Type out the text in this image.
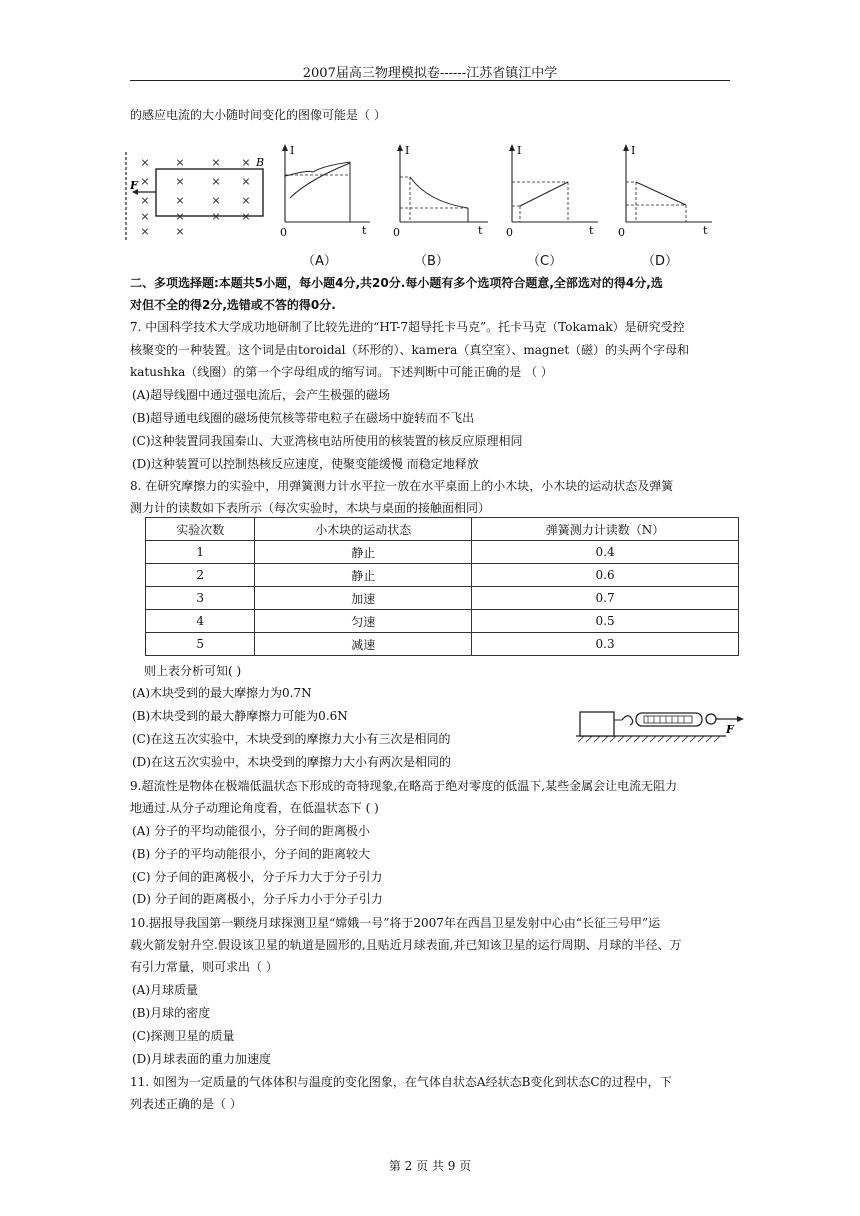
2007届高三物理模拟卷------江苏省镇江中学
的感应电流的大小随时间变化的图像可能是（ ）
× × × ×
× × × ×
× × × ×
× × × ×
× ×
B
F
I	I	I	I
0	t 0	t 0	t 0	t
（A）	（B）	（C）	（D）
二、多项选择题:本题共5小题，每小题4分,共20分.每小题有多个选项符合题意,全部选对的得4分,选
对但不全的得2分,选错或不答的得0分.
7. 中国科学技术大学成功地研制了比较先进的“HT-7超导托卡马克”。托卡马克（Tokamak）是研究受控
核聚变的一种装置。这个词是由toroidal（环形的）、kamera（真空室）、magnet（磁）的头两个字母和
katushka（线圈）的第一个字母组成的缩写词。下述判断中可能正确的是 （ ）
(A)超导线圈中通过强电流后，会产生极强的磁场
(B)超导通电线圈的磁场使氘核等带电粒子在磁场中旋转而不飞出
(C)这种装置同我国秦山、大亚湾核电站所使用的核装置的核反应原理相同
(D)这种装置可以控制热核反应速度，使聚变能缓慢 而稳定地释放
8. 在研究摩擦力的实验中，用弹簧测力计水平拉一放在水平桌面上的小木块，小木块的运动状态及弹簧
测力计的读数如下表所示（每次实验时，木块与桌面的接触面相同）
实验次数	小木块的运动状态	弹簧测力计读数（N）
1	静止	0.4
2	静止	0.6
3	加速	0.7
4	匀速	0.5
5	减速	0.3
则上表分析可知( )
(A)木块受到的最大摩擦力为0.7N
(B)木块受到的最大静摩擦力可能为0.6N
(C)在这五次实验中，木块受到的摩擦力大小有三次是相同的
(D)在这五次实验中，木块受到的摩擦力大小有两次是相同的
F
9.超流性是物体在极端低温状态下形成的奇特现象,在略高于绝对零度的低温下,某些金属会让电流无阻力
地通过.从分子动理论角度看，在低温状态下 ( )
(A) 分子的平均动能很小，分子间的距离极小
(B) 分子的平均动能很小，分子间的距离较大
(C) 分子间的距离极小，分子斥力大于分子引力
(D) 分子间的距离极小，分子斥力小于分子引力
10.据报导我国第一颗绕月球探测卫星“嫦娥一号”将于2007年在西昌卫星发射中心由“长征三号甲”运
载火箭发射升空.假设该卫星的轨道是圆形的,且贴近月球表面,并已知该卫星的运行周期、月球的半径、万
有引力常量，则可求出（ ）
(A)月球质量
(B)月球的密度
(C)探测卫星的质量
(D)月球表面的重力加速度
11. 如图为一定质量的气体体积与温度的变化图象，在气体自状态A经状态B变化到状态C的过程中，下
列表述正确的是（ ）
第 2 页 共 9 页
